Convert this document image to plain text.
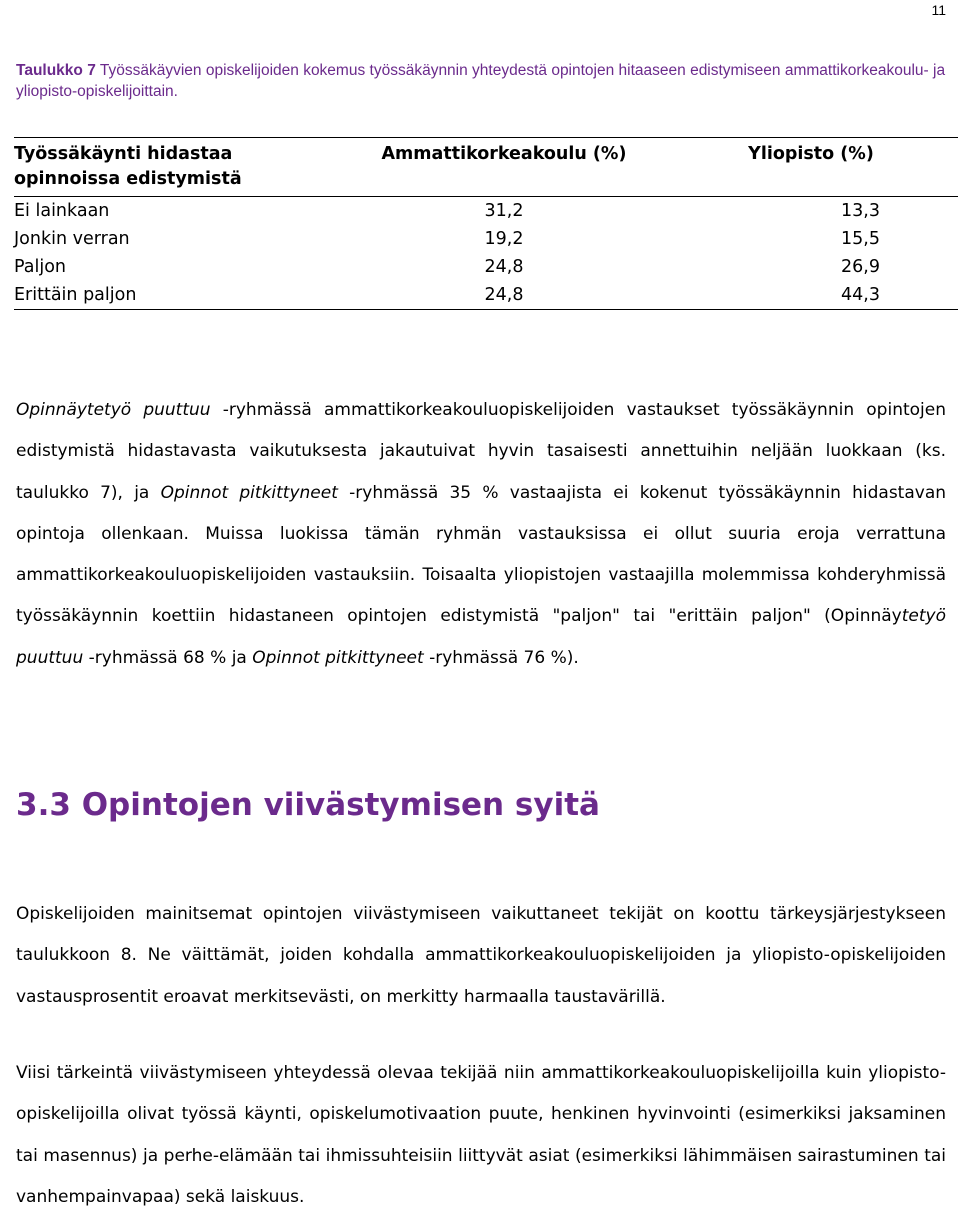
11
Taulukko 7 Työssäkäyvien opiskelijoiden kokemus työssäkäynnin yhteydestä opintojen hitaaseen edistymiseen ammattikorkeakoulu- ja yliopisto-opiskelijoittain.
Työssäkäynti hidastaa
opinnoissa edistymistä	Ammattikorkeakoulu (%)	Yliopisto (%)
Ei lainkaan	31,2	13,3
Jonkin verran	19,2	15,5
Paljon	24,8	26,9
Erittäin paljon	24,8	44,3
Opinnäytetyö puuttuu -ryhmässä ammattikorkeakouluopiskelijoiden vastaukset työssäkäynnin opintojen edistymistä hidastavasta vaikutuksesta jakautuivat hyvin tasaisesti annettuihin neljään luokkaan (ks. taulukko 7), ja Opinnot pitkittyneet -ryhmässä 35 % vastaajista ei kokenut työssäkäynnin hidastavan opintoja ollenkaan. Muissa luokissa tämän ryhmän vastauksissa ei ollut suuria eroja verrattuna ammattikorkeakouluopiskelijoiden vastauksiin. Toisaalta yliopistojen vastaajilla molemmissa kohderyhmissä työssäkäynnin koettiin hidastaneen opintojen edistymistä "paljon" tai "erittäin paljon" (Opinnäytetyö puuttuu -ryhmässä 68 % ja Opinnot pitkittyneet -ryhmässä 76 %).
3.3 Opintojen viivästymisen syitä
Opiskelijoiden mainitsemat opintojen viivästymiseen vaikuttaneet tekijät on koottu tärkeysjärjestykseen taulukkoon 8. Ne väittämät, joiden kohdalla ammattikorkeakouluopiskelijoiden ja yliopisto-opiskelijoiden vastausprosentit eroavat merkitsevästi, on merkitty harmaalla taustavärillä.
Viisi tärkeintä viivästymiseen yhteydessä olevaa tekijää niin ammattikorkeakouluopiskelijoilla kuin yliopisto-opiskelijoilla olivat työssä käynti, opiskelumotivaation puute, henkinen hyvinvointi (esimerkiksi jaksaminen tai masennus) ja perhe-elämään tai ihmissuhteisiin liittyvät asiat (esimerkiksi lähimmäisen sairastuminen tai vanhempainvapaa) sekä laiskuus.
